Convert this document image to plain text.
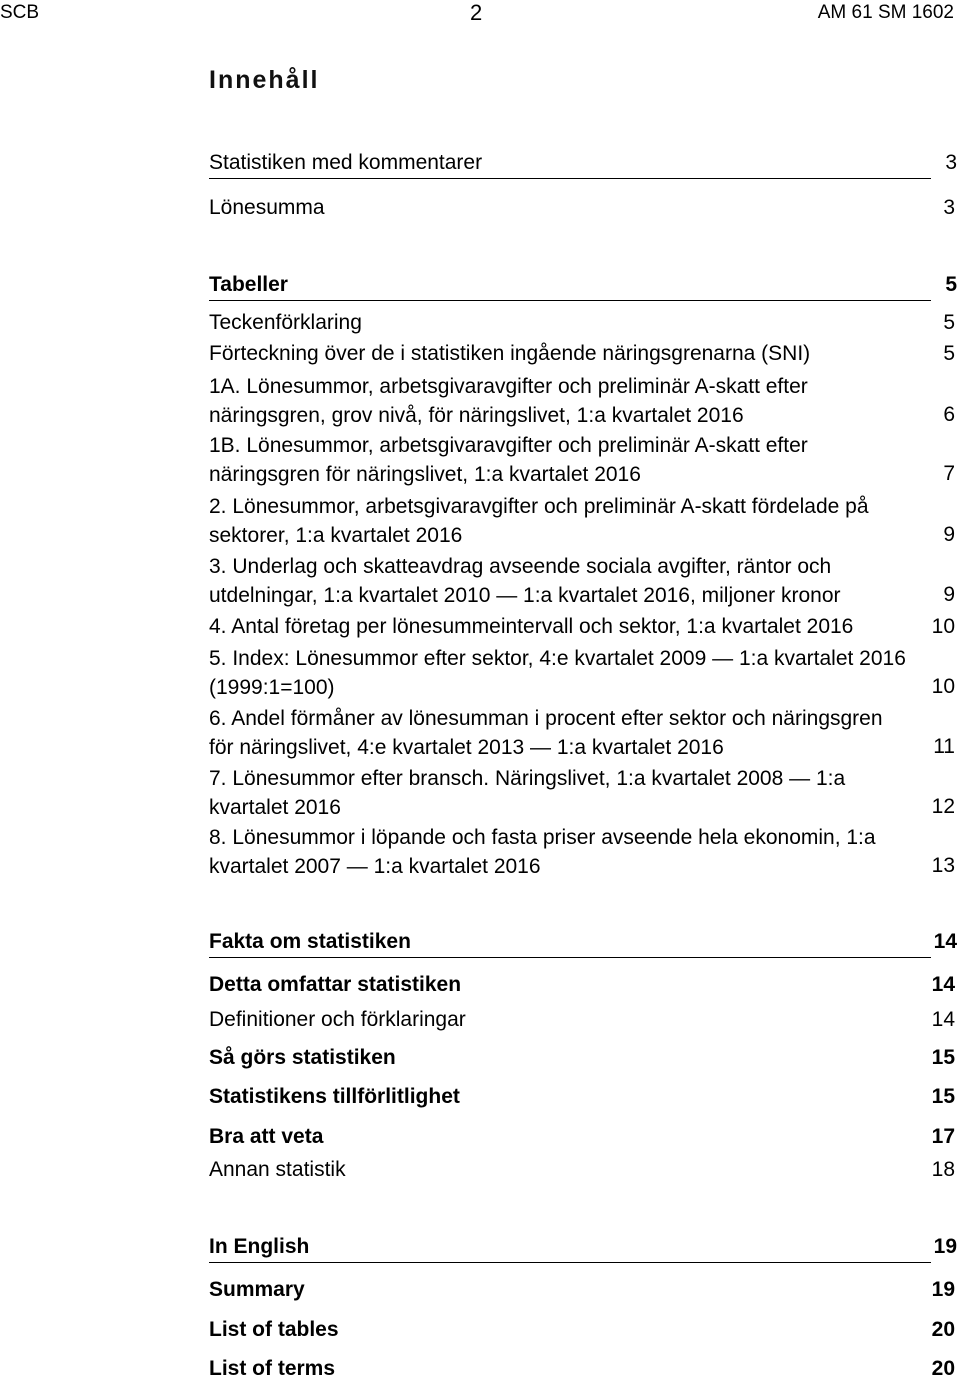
SCB	2	AM 61 SM 1602
Innehåll
Statistiken med kommentarer	3
Lönesumma	3
Tabeller	5
Teckenförklaring	5
Förteckning över de i statistiken ingående näringsgrenarna (SNI)	5
1A. Lönesummor, arbetsgivaravgifter och preliminär A-skatt efter näringsgren, grov nivå, för näringslivet, 1:a kvartalet 2016	6
1B. Lönesummor, arbetsgivaravgifter och preliminär A-skatt efter näringsgren för näringslivet, 1:a kvartalet 2016	7
2. Lönesummor, arbetsgivaravgifter och preliminär A-skatt fördelade på sektorer, 1:a kvartalet 2016	9
3. Underlag och skatteavdrag avseende sociala avgifter, räntor och utdelningar, 1:a kvartalet 2010 — 1:a kvartalet 2016, miljoner kronor	9
4. Antal företag per lönesummeintervall och sektor, 1:a kvartalet 2016	10
5. Index: Lönesummor efter sektor, 4:e kvartalet 2009 — 1:a kvartalet 2016 (1999:1=100)	10
6. Andel förmåner av lönesumman i procent efter sektor och näringsgren för näringslivet, 4:e kvartalet 2013 — 1:a kvartalet 2016	11
7. Lönesummor efter bransch. Näringslivet, 1:a kvartalet 2008 — 1:a kvartalet 2016	12
8. Lönesummor i löpande och fasta priser avseende hela ekonomin, 1:a kvartalet 2007 — 1:a kvartalet 2016	13
Fakta om statistiken	14
Detta omfattar statistiken	14
Definitioner och förklaringar	14
Så görs statistiken	15
Statistikens tillförlitlighet	15
Bra att veta	17
Annan statistik	18
In English	19
Summary	19
List of tables	20
List of terms	20
